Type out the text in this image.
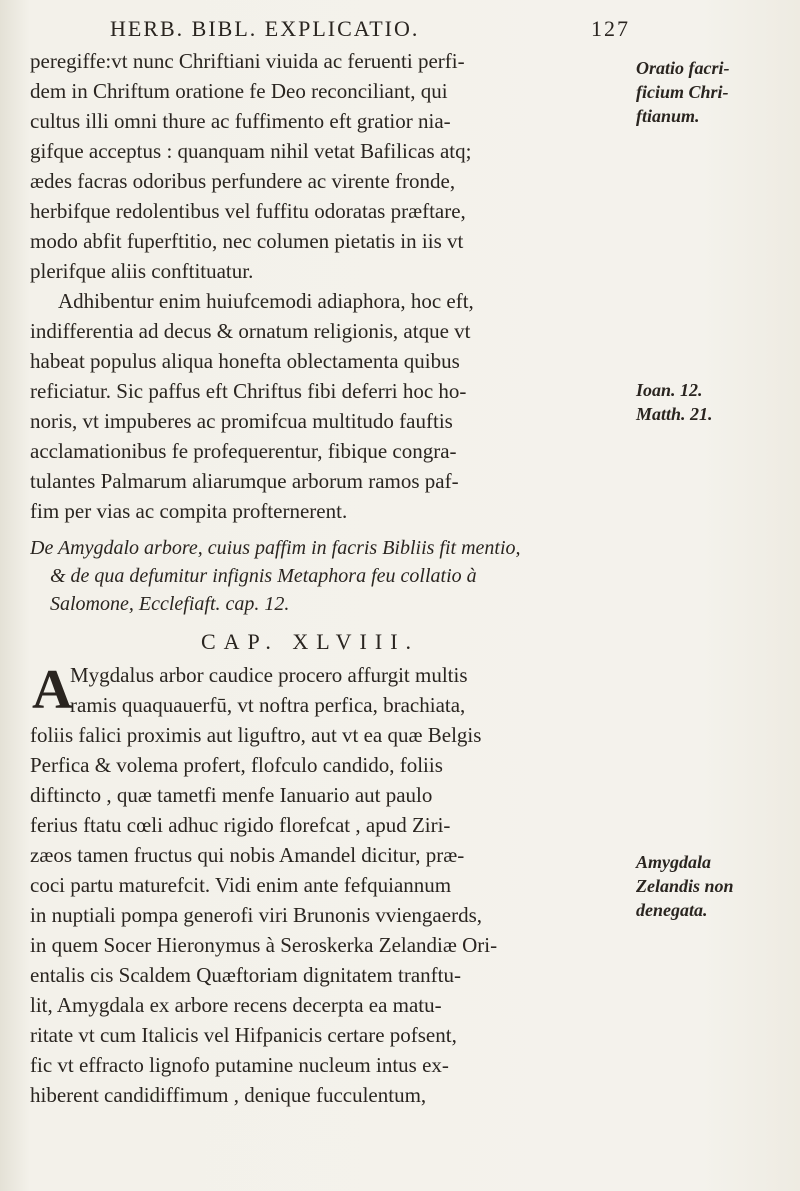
HERB. BIBL. EXPLICATIO.	127
peregiffe:vt nunc Chriftiani viuida ac feruenti perfi-
dem in Chriftum oratione fe Deo reconciliant, qui
cultus illi omni thure ac fuffimento eft gratior nia-
gifque acceptus : quanquam nihil vetat Bafilicas atq;
ædes facras odoribus perfundere ac virente fronde,
herbifque redolentibus vel fuffitu odoratas præftare,
modo abfit fuperftitio, nec columen pietatis in iis vt
plerifque aliis conftituatur.
Adhibentur enim huiufcemodi adiaphora, hoc eft,
indifferentia ad decus & ornatum religionis, atque vt
habeat populus aliqua honefta oblectamenta quibus
reficiatur. Sic paffus eft Chriftus fibi deferri hoc ho-
noris, vt impuberes ac promifcua multitudo fauftis
acclamationibus fe profequerentur, fibique congra-
tulantes Palmarum aliarumque arborum ramos paf-
fim per vias ac compita profternerent.
De Amygdalo arbore, cuius paffim in facris Bibliis fit mentio,
& de qua defumitur infignis Metaphora feu collatio à
Salomone, Ecclefiaft. cap. 12.
CAP. XLVIII.
A
Mygdalus arbor caudice procero affurgit multis
ramis quaquauerfū, vt noftra perfica, brachiata,
foliis falici proximis aut liguftro, aut vt ea quæ Belgis
Perfica & volema profert, flofculo candido, foliis
diftincto , quæ tametfi menfe Ianuario aut paulo
ferius ftatu cœli adhuc rigido florefcat , apud Ziri-
zæos tamen fructus qui nobis Amandel dicitur, præ-
coci partu maturefcit. Vidi enim ante fefquiannum
in nuptiali pompa generofi viri Brunonis vviengaerds,
in quem Socer Hieronymus à Seroskerka Zelandiæ Ori-
entalis cis Scaldem Quæftoriam dignitatem tranftu-
lit, Amygdala ex arbore recens decerpta ea matu-
ritate vt cum Italicis vel Hifpanicis certare pofsent,
fic vt effracto lignofo putamine nucleum intus ex-
hiberent candidiffimum , denique fucculentum,
Oratio facri-
ficium Chri-
ftianum.
Ioan. 12.
Matth. 21.
Amygdala
Zelandis non
denegata.
